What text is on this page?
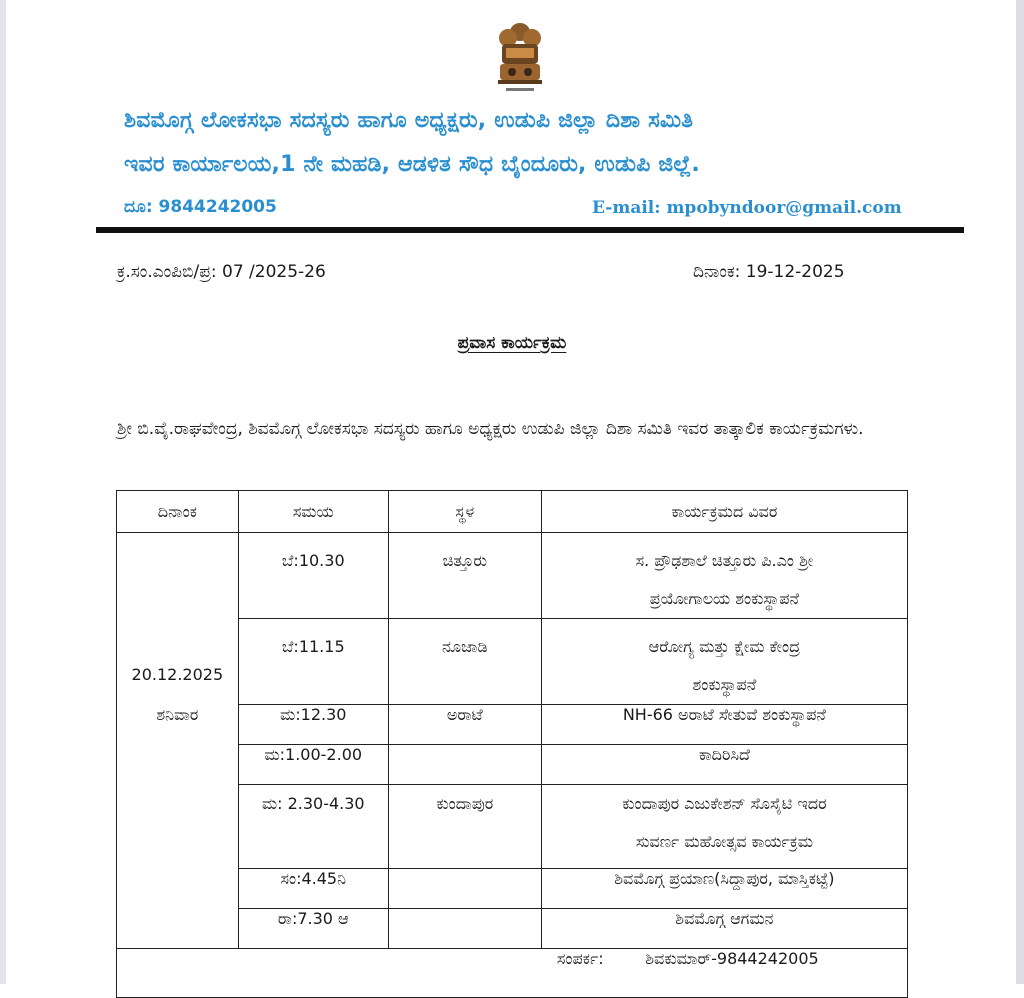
ಶಿವಮೊಗ್ಗ ಲೋಕಸಭಾ ಸದಸ್ಯರು ಹಾಗೂ ಅಧ್ಯಕ್ಷರು, ಉಡುಪಿ ಜಿಲ್ಲಾ ದಿಶಾ ಸಮಿತಿ
ಇವರ ಕಾರ್ಯಾಲಯ,1 ನೇ ಮಹಡಿ, ಆಡಳಿತ ಸೌಧ ಬೈಂದೂರು, ಉಡುಪಿ ಜಿಲ್ಲೆ.
ದೂ: 9844242005	E-mail: mpobyndoor@gmail.com
ಕ್ರ.ಸಂ.ಎಂಪಿಬಿ/ಪ್ರ: 07 /2025-26	ದಿನಾಂಕ: 19-12-2025
ಪ್ರವಾಸ ಕಾರ್ಯಕ್ರಮ
ಶ್ರೀ ಬಿ.ವೈ.ರಾಘವೇಂದ್ರ, ಶಿವಮೊಗ್ಗ ಲೋಕಸಭಾ ಸದಸ್ಯರು ಹಾಗೂ ಅಧ್ಯಕ್ಷರು ಉಡುಪಿ ಜಿಲ್ಲಾ ದಿಶಾ ಸಮಿತಿ ಇವರ ತಾತ್ಕಾಲಿಕ ಕಾರ್ಯಕ್ರಮಗಳು.
ದಿನಾಂಕ	ಸಮಯ	ಸ್ಥಳ	ಕಾರ್ಯಕ್ರಮದ ವಿವರ

20.12.2025
ಶನಿವಾರ	ಬೆ:10.30	ಚಿತ್ತೂರು	ಸ. ಪ್ರೌಢಶಾಲೆ ಚಿತ್ತೂರು ಪಿ.ಎಂ ಶ್ರೀ
ಪ್ರಯೋಗಾಲಯ ಶಂಕುಸ್ಥಾಪನೆ

	ಬೆ:11.15	ನೂಜಾಡಿ	ಆರೋಗ್ಯ ಮತ್ತು ಕ್ಷೇಮ ಕೇಂದ್ರ
ಶಂಕುಸ್ಥಾಪನೆ

	ಮ:12.30	ಅರಾಟೆ	NH-66 ಅರಾಟೆ ಸೇತುವೆ ಶಂಕುಸ್ಥಾಪನೆ
	ಮ:1.00-2.00		ಕಾದಿರಿಸಿದೆ

	ಮ: 2.30-4.30	ಕುಂದಾಪುರ	ಕುಂದಾಪುರ ಎಜುಕೇಶನ್ ಸೊಸೈಟಿ ಇದರ
ಸುವರ್ಣ ಮಹೋತ್ಸವ ಕಾರ್ಯಕ್ರಮ

	ಸಂ:4.45ನಿ		ಶಿವಮೊಗ್ಗ ಪ್ರಯಾಣ(ಸಿದ್ದಾಪುರ, ಮಾಸ್ತಿಕಟ್ಟೆ)
	ರಾ:7.30 ಆ		ಶಿವಮೊಗ್ಗ ಆಗಮನ
ಸಂಪರ್ಕ: ಶಿವಕುಮಾರ್-9844242005			
